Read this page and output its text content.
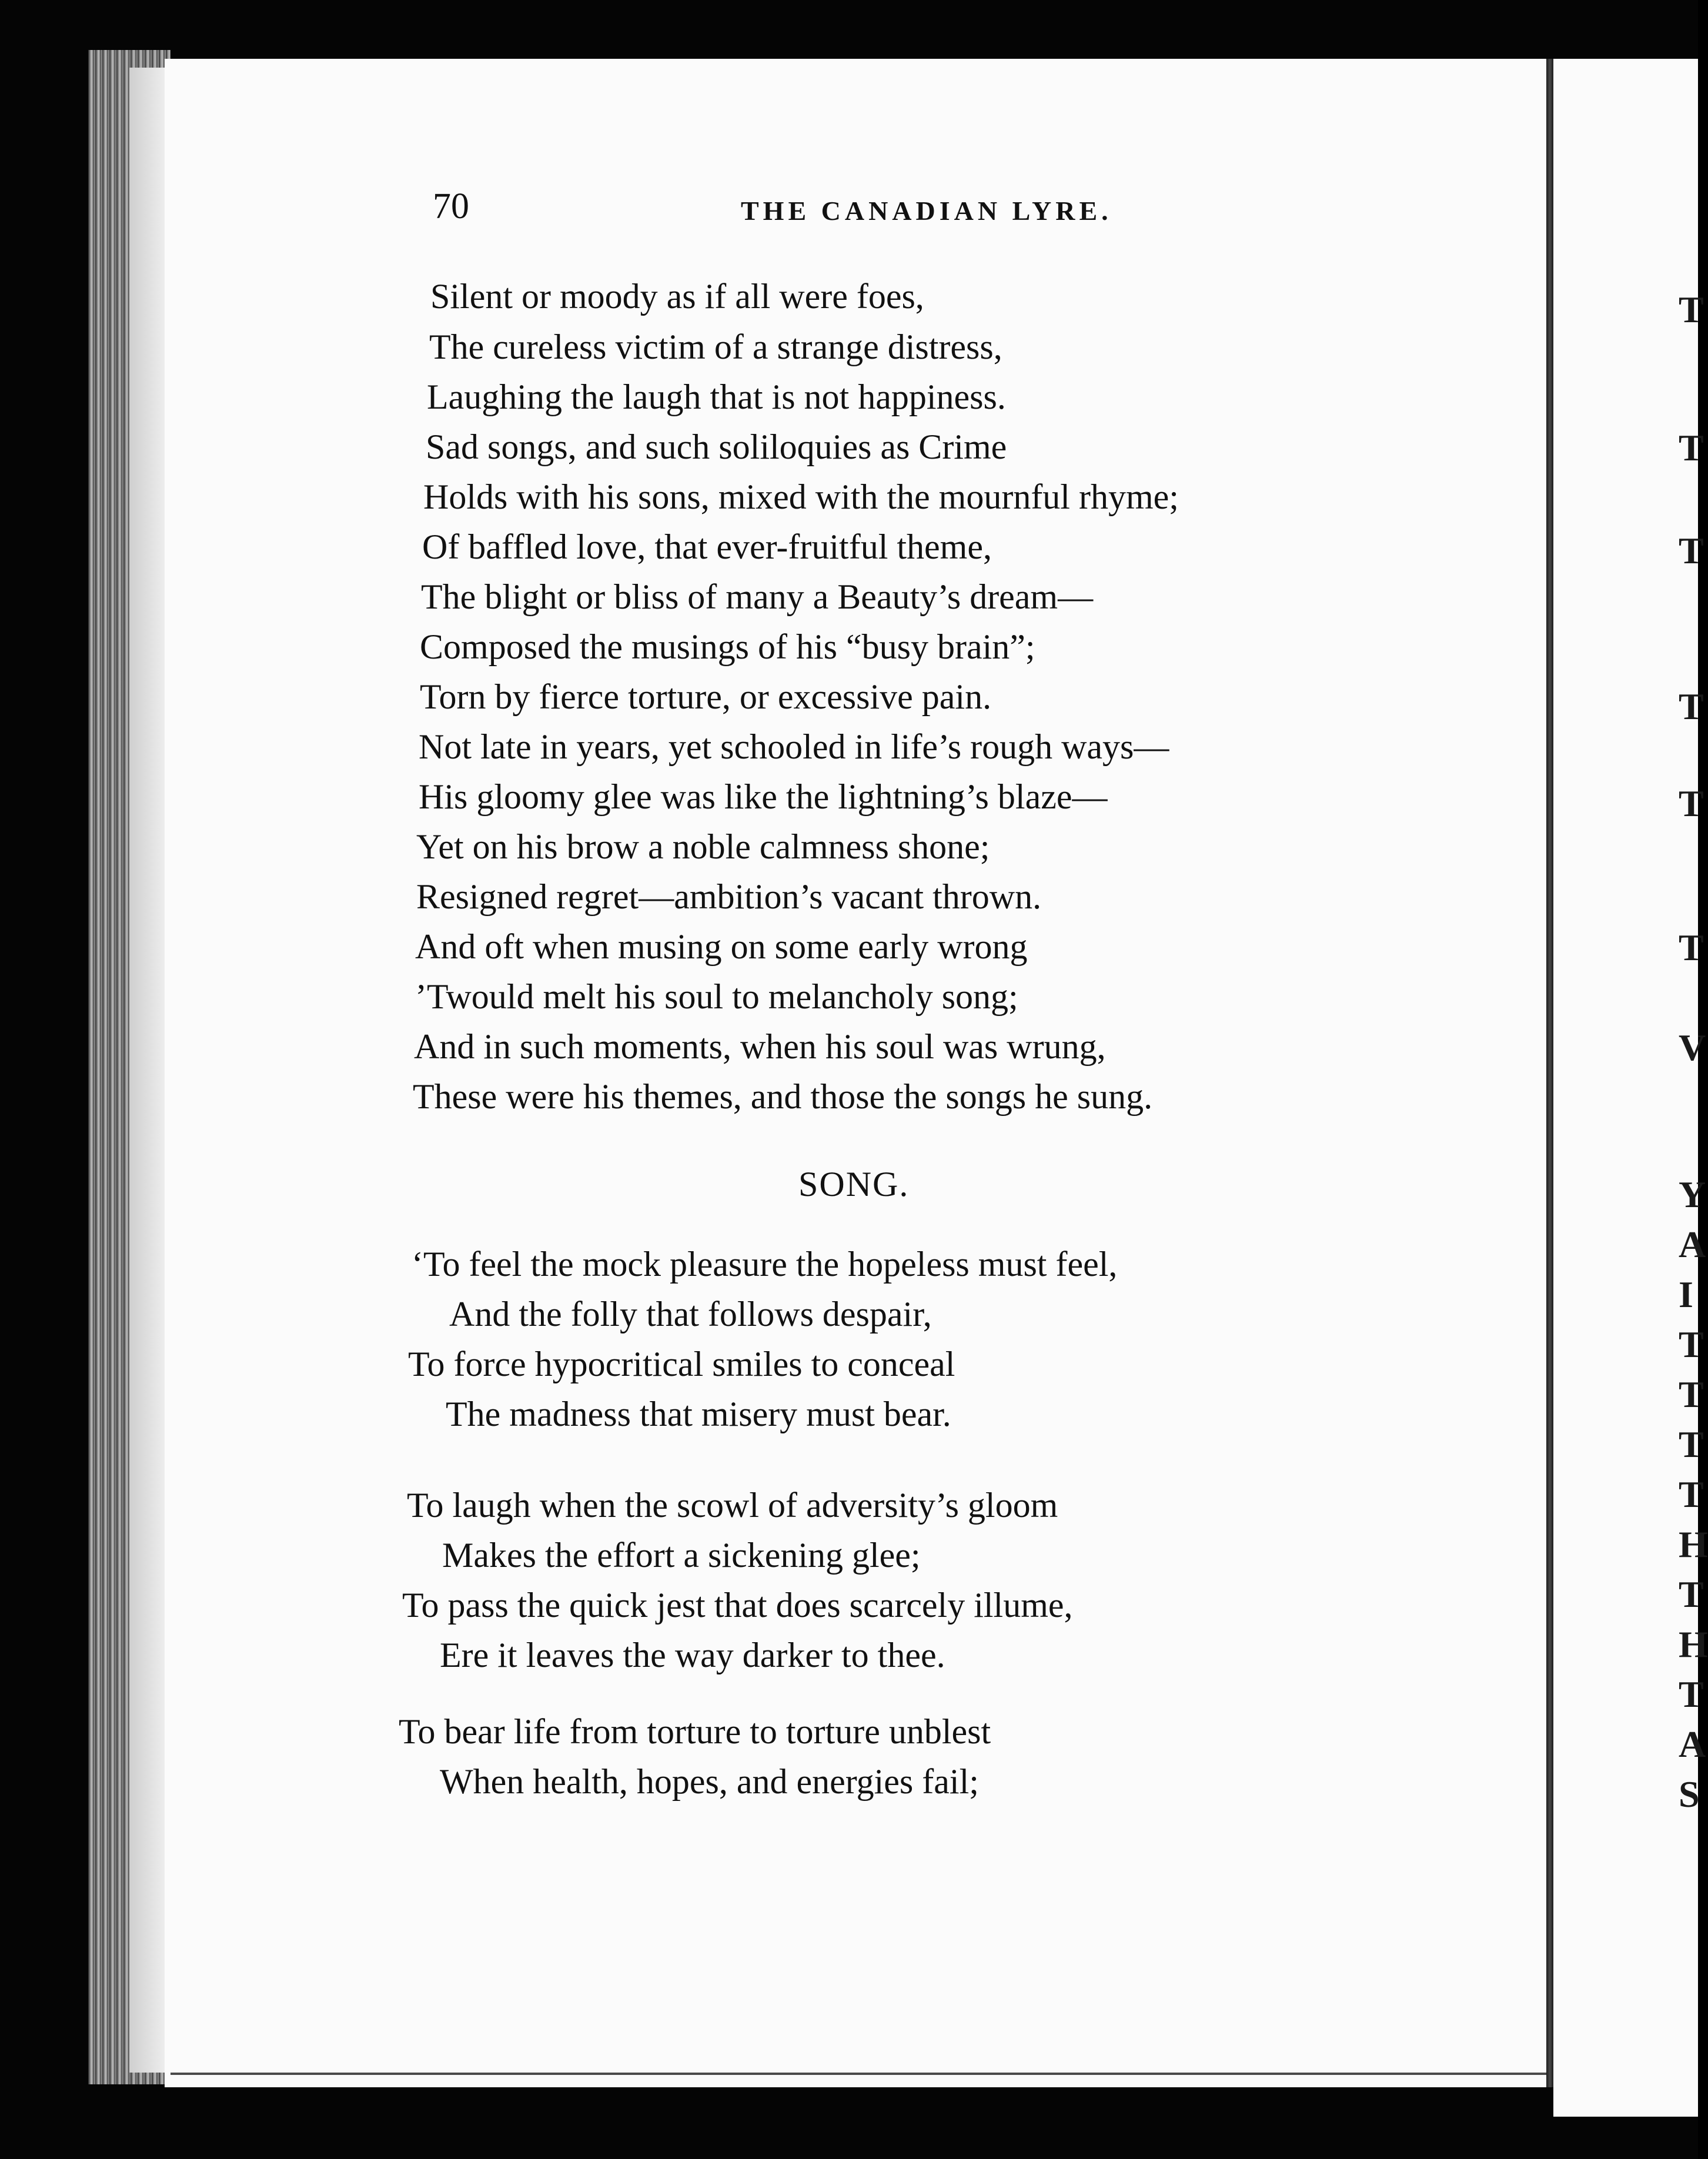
70	THE CANADIAN LYRE.
Silent or moody as if all were foes,
The cureless victim of a strange distress,
Laughing the laugh that is not happiness.
Sad songs, and such soliloquies as Crime
Holds with his sons, mixed with the mournful rhyme;
Of baffled love, that ever-fruitful theme,
The blight or bliss of many a Beauty’s dream—
Composed the musings of his “busy brain”;
Torn by fierce torture, or excessive pain.
Not late in years, yet schooled in life’s rough ways—
His gloomy glee was like the lightning’s blaze—
Yet on his brow a noble calmness shone;
Resigned regret—ambition’s vacant thrown.
And oft when musing on some early wrong
’Twould melt his soul to melancholy song;
And in such moments, when his soul was wrung,
These were his themes, and those the songs he sung.
SONG.
‘To feel the mock pleasure the hopeless must feel,
And the folly that follows despair,
To force hypocritical smiles to conceal
The madness that misery must bear.
To laugh when the scowl of adversity’s gloom
Makes the effort a sickening glee;
To pass the quick jest that does scarcely illume,
Ere it leaves the way darker to thee.
To bear life from torture to torture unblest
When health, hopes, and energies fail;
T
T
T
T
T
T
V
Y
A
I
T
T
T
T
H
T
H
T
A
S
